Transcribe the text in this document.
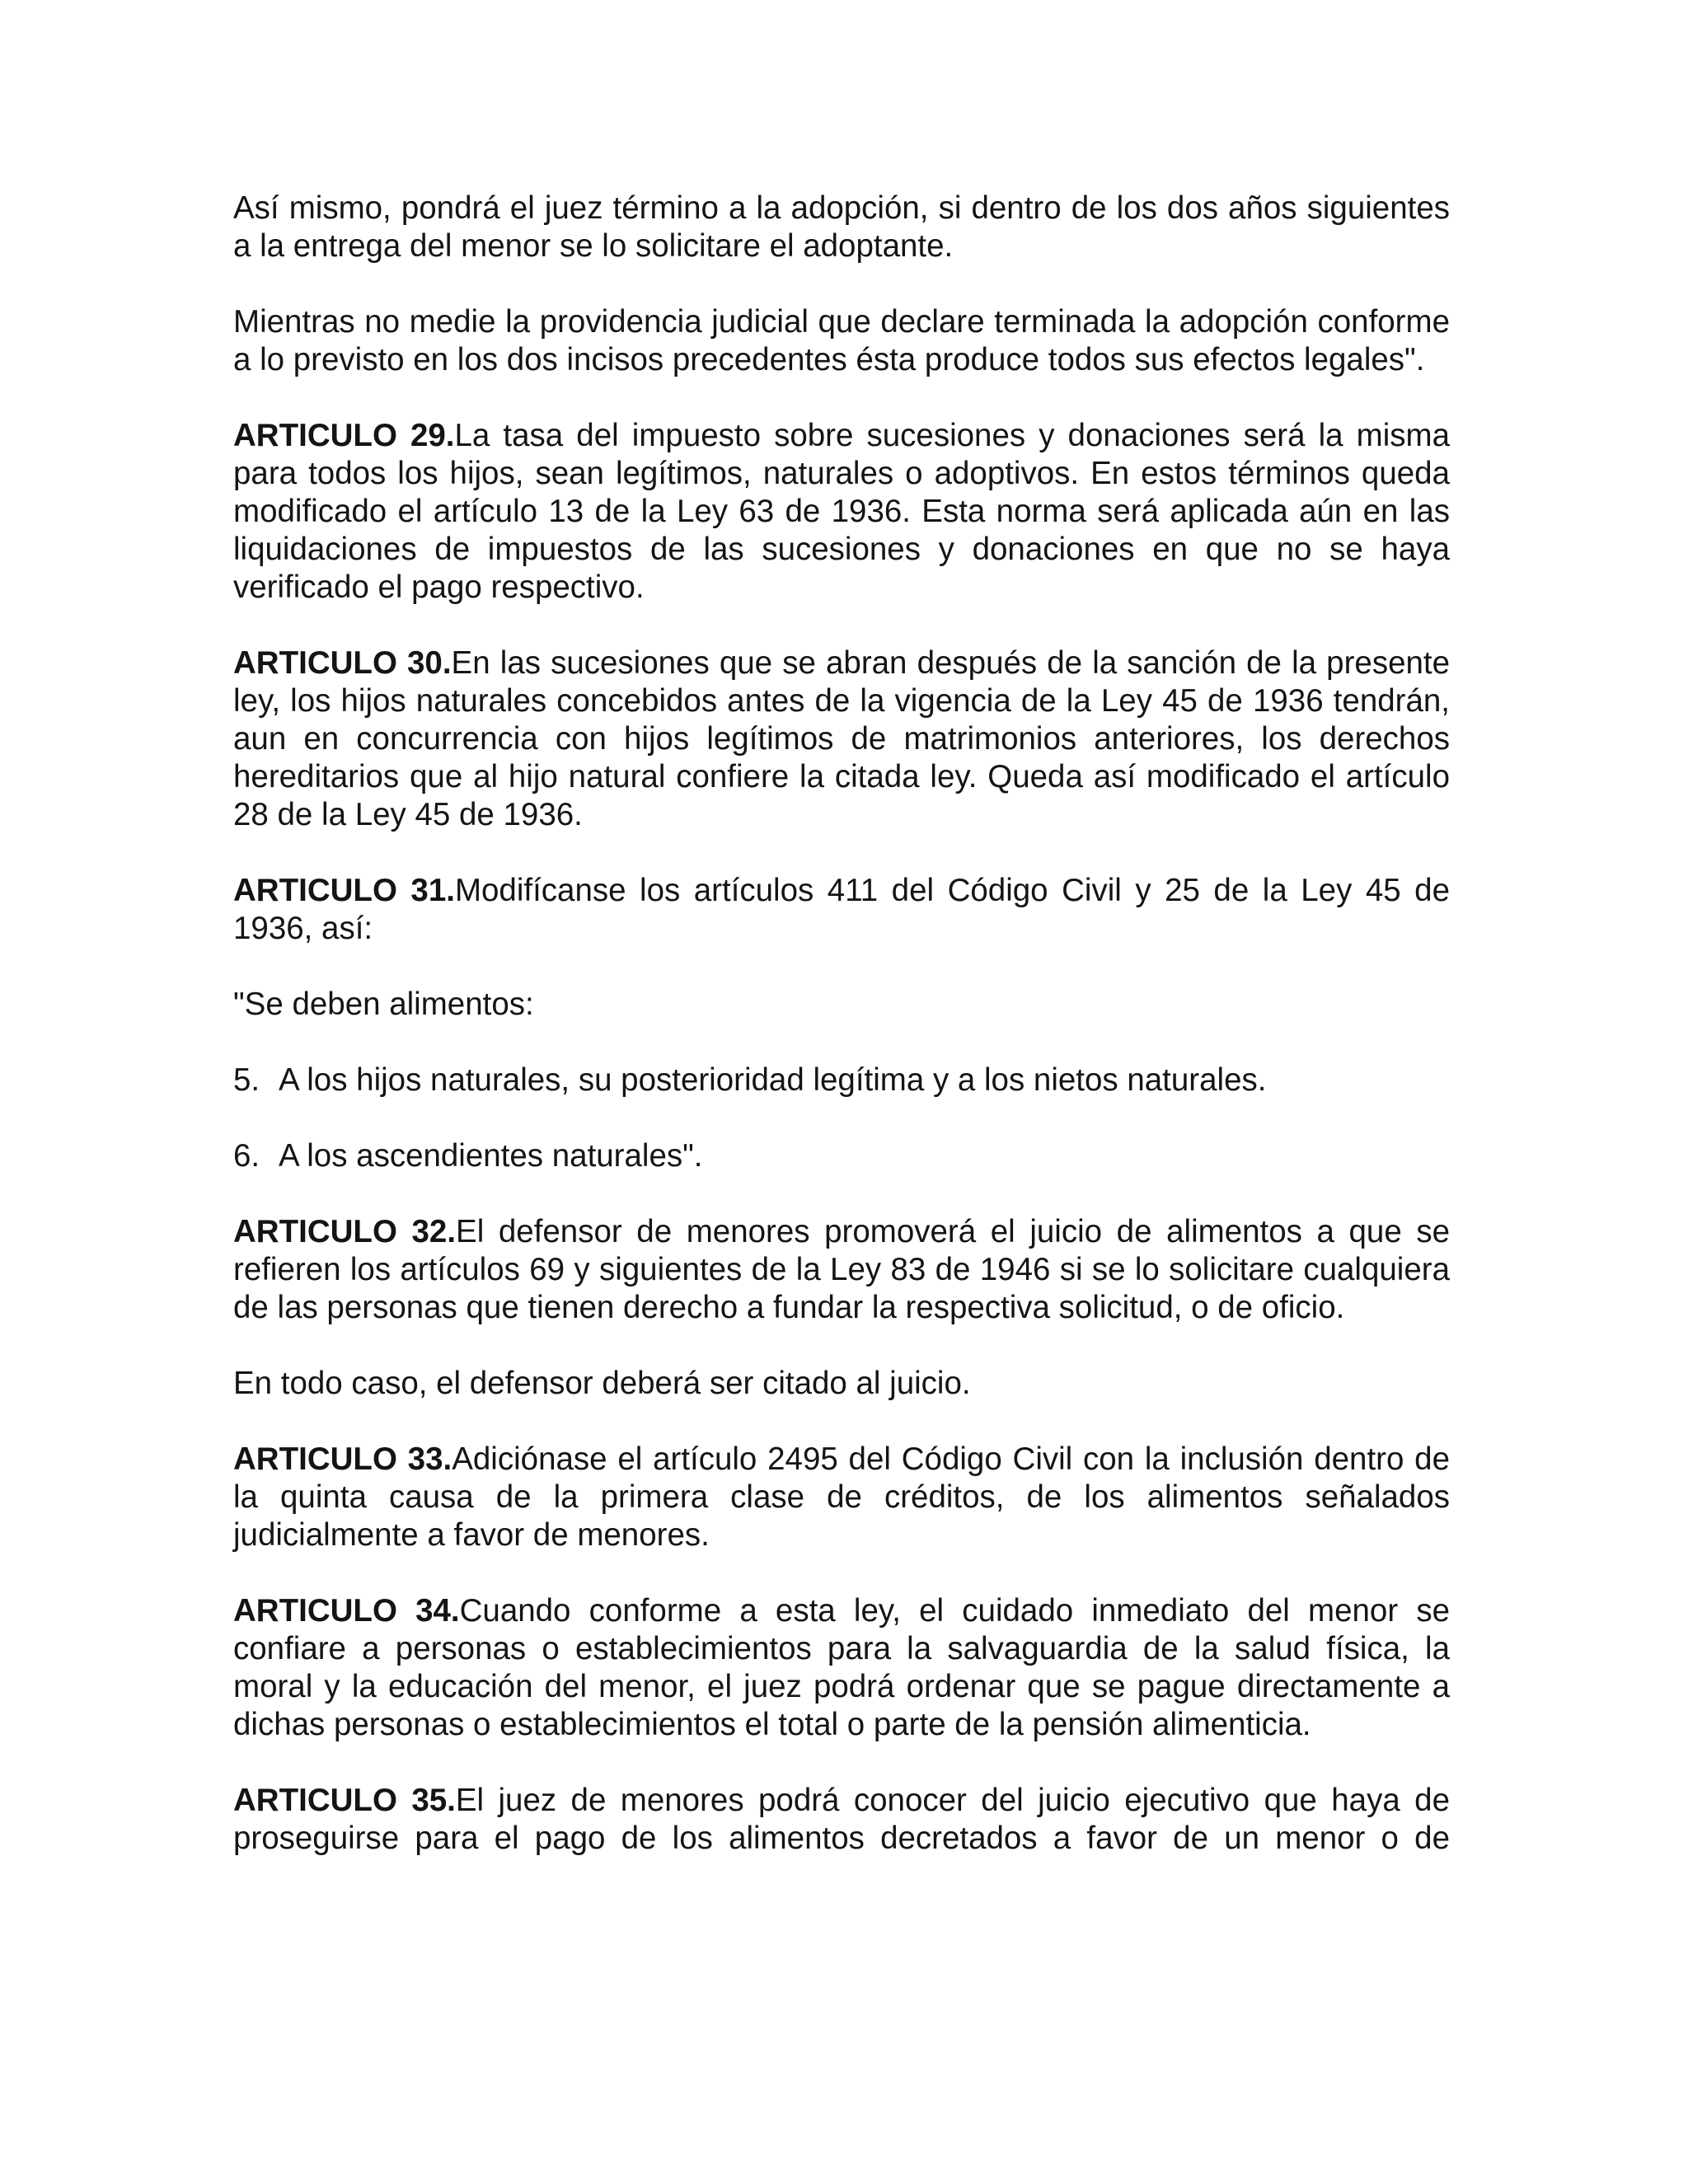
Así mismo, pondrá el juez término a la adopción, si dentro de los dos años siguientes a la entrega del menor se lo solicitare el adoptante.

Mientras no medie la providencia judicial que declare terminada la adopción conforme a lo previsto en los dos incisos precedentes ésta produce todos sus efectos legales".

ARTICULO 29.La tasa del impuesto sobre sucesiones y donaciones será la misma para todos los hijos, sean legítimos, naturales o adoptivos. En estos términos queda modificado el artículo 13 de la Ley 63 de 1936. Esta norma será aplicada aún en las liquidaciones de impuestos de las sucesiones y donaciones en que no se haya verificado el pago respectivo.

ARTICULO 30.En las sucesiones que se abran después de la sanción de la presente ley, los hijos naturales concebidos antes de la vigencia de la Ley 45 de 1936 tendrán, aun en concurrencia con hijos legítimos de matrimonios anteriores, los derechos hereditarios que al hijo natural confiere la citada ley. Queda así modificado el artículo 28 de la Ley 45 de 1936.

ARTICULO 31.Modifícanse los artículos 411 del Código Civil y 25 de la Ley 45 de 1936, así:

"Se deben alimentos:

5. A los hijos naturales, su posterioridad legítima y a los nietos naturales.

6. A los ascendientes naturales".

ARTICULO 32.El defensor de menores promoverá el juicio de alimentos a que se refieren los artículos 69 y siguientes de la Ley 83 de 1946 si se lo solicitare cualquiera de las personas que tienen derecho a fundar la respectiva solicitud, o de oficio.

En todo caso, el defensor deberá ser citado al juicio.

ARTICULO 33.Adiciónase el artículo 2495 del Código Civil con la inclusión dentro de la quinta causa de la primera clase de créditos, de los alimentos señalados judicialmente a favor de menores.

ARTICULO 34.Cuando conforme a esta ley, el cuidado inmediato del menor se confiare a personas o establecimientos para la salvaguardia de la salud física, la moral y la educación del menor, el juez podrá ordenar que se pague directamente a dichas personas o establecimientos el total o parte de la pensión alimenticia.

ARTICULO 35.El juez de menores podrá conocer del juicio ejecutivo que haya de proseguirse para el pago de los alimentos decretados a favor de un menor o de
